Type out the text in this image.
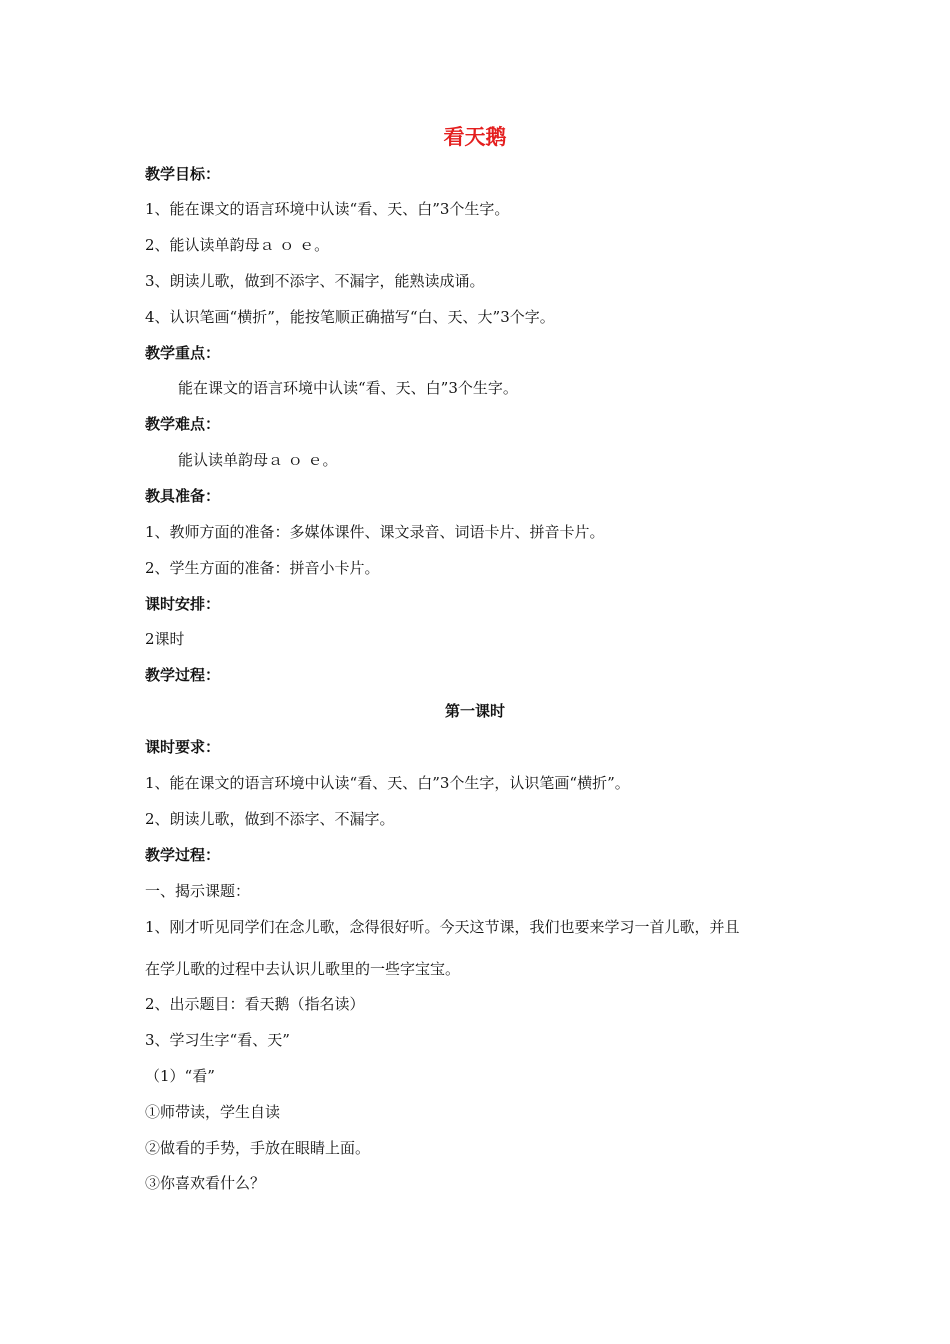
看天鹅
教学目标：
1、能在课文的语言环境中认读“看、天、白”3个生字。
2、能认读单韵母ａ ｏ ｅ。
3、朗读儿歌，做到不添字、不漏字，能熟读成诵。
4、认识笔画“横折”，能按笔顺正确描写“白、天、大”3个字。
教学重点：
能在课文的语言环境中认读“看、天、白”3个生字。
教学难点：
能认读单韵母ａ ｏ ｅ。
教具准备：
1、教师方面的准备：多媒体课件、课文录音、词语卡片、拼音卡片。
2、学生方面的准备：拼音小卡片。
课时安排：
2课时
教学过程：
第一课时
课时要求：
1、能在课文的语言环境中认读“看、天、白”3个生字，认识笔画“横折”。
2、朗读儿歌，做到不添字、不漏字。
教学过程：
一、揭示课题：
1、刚才听见同学们在念儿歌，念得很好听。今天这节课，我们也要来学习一首儿歌，并且
在学儿歌的过程中去认识儿歌里的一些字宝宝。
2、出示题目：看天鹅（指名读）
3、学习生字“看、天”
（1）“看”
①师带读，学生自读
②做看的手势，手放在眼睛上面。
③你喜欢看什么？
